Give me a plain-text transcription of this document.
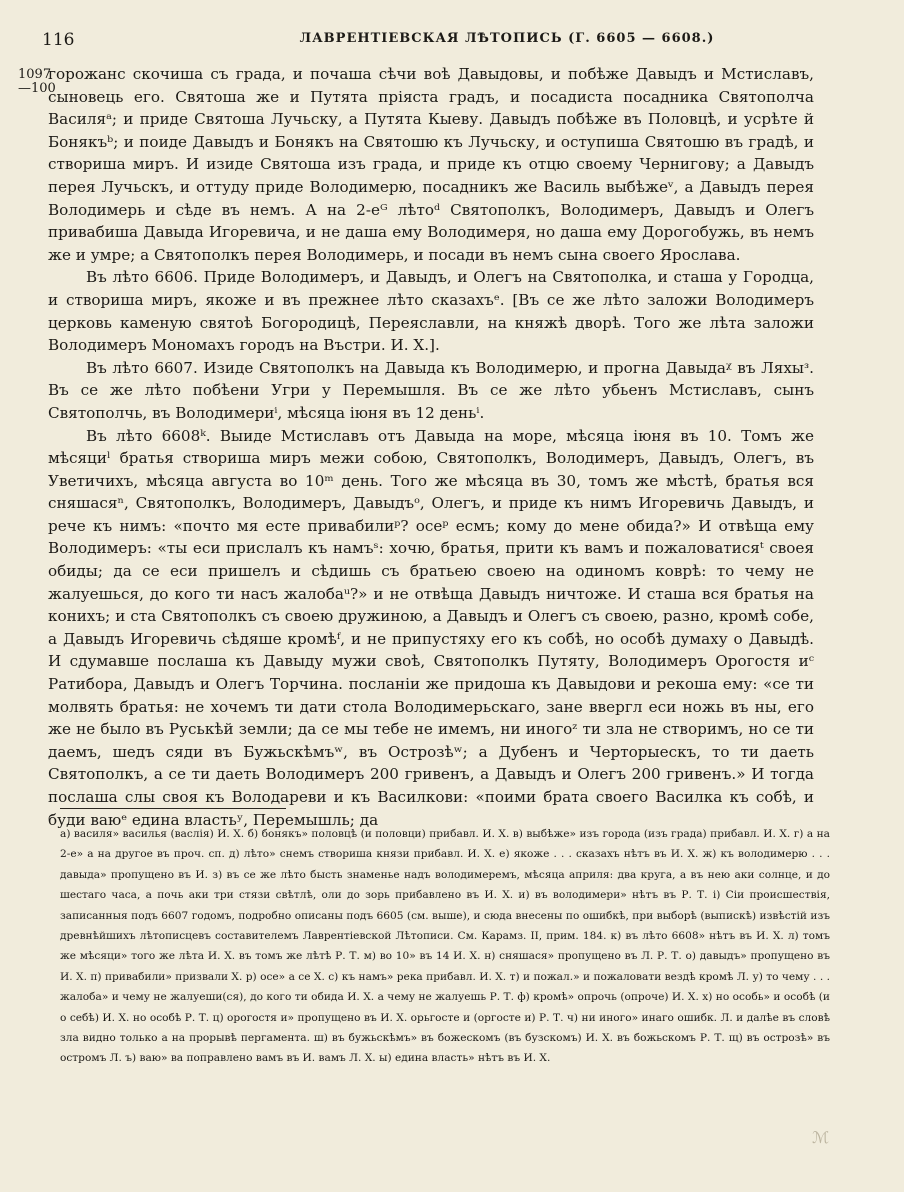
116	ЛАВРЕНТІЕВСКАЯ ЛѢТОПИСЬ (Г. 6605 — 6608.)
1097
—100

горожанс скочиша съ града, и почаша сѣчи воѣ Давыдовы, и побѣже Давыдъ и Мстиславъ, сыновець его. Святоша же и Путята пріяста градъ, и посадиста посадника Святополча Василяᵃ; и приде Святоша Лучьску, а Путята Кыеву. Давыдъ побѣже въ Половцѣ, и усрѣте й Бонякъᵇ; и поиде Давыдъ и Бонякъ на Святошю къ Лучьску, и оступиша Святошю въ градѣ, и створиша миръ. И изиде Святоша изъ града, и приде къ отцю своему Чернигову; а Давыдъ перея Лучьскъ, и оттуду приде Володимерю, посадникъ же Василь выбѣжеᵛ, а Давыдъ перея Володимерь и сѣде въ немъ. А на 2-еᴳ лѣтоᵈ Святополкъ, Володимеръ, Давыдъ и Олегъ привабиша Давыда Игоревича, и не даша ему Володимеря, но даша ему Дорогобужь, въ немъ же и умре; а Святополкъ перея Володимерь, и посади въ немъ сына своего Ярослава.

Въ лѣто 6606. Приде Володимеръ, и Давыдъ, и Олегъ на Святополка, и сташа у Городца, и створиша миръ, якоже и въ прежнее лѣто сказахъᵉ. [Въ се же лѣто заложи Володимеръ церковь каменую святоѣ Богородицѣ, Переяславли, на княжѣ дворѣ. Того же лѣта заложи Володимеръ Мономахъ городъ на Въстри. И. Х.].

Въ лѣто 6607. Изиде Святополкъ на Давыда къ Володимерю, и прогна Давыдаᵡ въ Ляхыᵌ. Въ се же лѣто побѣени Угри у Перемышля. Въ се же лѣто убьенъ Мстиславъ, сынъ Святополчь, въ Володимериⁱ, мѣсяца іюня въ 12 деньⁱ.

Въ лѣто 6608ᵏ. Выиде Мстиславъ отъ Давыда на море, мѣсяца іюня въ 10. Томъ же мѣсяциˡ братья створиша миръ межи собою, Святополкъ, Володимеръ, Давыдъ, Олегъ, въ Уветичихъ, мѣсяца августа во 10ᵐ день. Того же мѣсяца въ 30, томъ же мѣстѣ, братья вся сняшасяⁿ, Святополкъ, Володимеръ, Давыдъᵒ, Олегъ, и приде къ нимъ Игоревичь Давыдъ, и рече къ нимъ: «почто мя есте привабилиᵖ? осеᵖ есмъ; кому до мене обида?» И отвѣща ему Володимеръ: «ты еси прислалъ къ намъˢ: хочю, братья, прити къ вамъ и пожаловатисяᵗ своея обиды; да се еси пришелъ и сѣдишь съ братьею своею на одиномъ коврѣ: то чему не жалуешься, до кого ти насъ жалобаᵘ?» и не отвѣща Давыдъ ничтоже. И сташа вся братья на конихъ; и ста Святополкъ съ своею дружиною, а Давыдъ и Олегъ съ своею, разно, кромѣ собе, а Давыдъ Игоревичь сѣдяше кромѣᶠ, и не припустяху его къ собѣ, но особѣ думаху о Давыдѣ. И сдумавше послаша къ Давыду мужи своѣ, Святополкъ Путяту, Володимеръ Орогостя иᶜ Ратибора, Давыдъ и Олегъ Торчина. посланіи же придоша къ Давыдови и рекоша ему: «се ти молвять братья: не хочемъ ти дати стола Володимерьскаго, зане ввергл еси ножь въ ны, его же не было въ Руськѣй земли; да се мы тебе не имемъ, ни иногоᶻ ти зла не створимъ, но се ти даемъ, шедъ сяди въ Бужьскѣмъʷ, въ Острозѣʷ; а Дубенъ и Черторыескъ, то ти даеть Святополкъ, а се ти даеть Володимеръ 200 гривенъ, а Давыдъ и Олегъ 200 гривенъ.» И тогда послаша слы своя къ Володареви и къ Василкови: «поими брата своего Василка къ собѣ, и буди ваюᵉ едина властьʸ, Перемышль; да

а) василя» василья (васлія) И. Х. б) бонякъ» половцѣ (и половци) прибавл. И. Х. в) выбѣже» изъ города (изъ града) прибавл. И. Х. г) а на 2-е» а на другое въ проч. сп. д) лѣто» снемъ створиша князи прибавл. И. Х. е) якоже . . . сказахъ нѣтъ въ И. Х. ж) къ володимерю . . . давыда» пропущено въ И. з) въ се же лѣто бысть знаменье надъ володимеремъ, мѣсяца априля: два круга, а въ нею аки солнце, и до шестаго часа, а почь аки три стязи свѣтлѣ, оли до зорь прибавлено въ И. Х. и) въ володимери» нѣтъ въ Р. Т. і) Сіи происшествія, записанныя подъ 6607 годомъ, подробно описаны подъ 6605 (см. выше), и сюда внесены по ошибкѣ, при выборѣ (выпискѣ) извѣстій изъ древнѣйшихъ лѣтописцевъ составителемъ Лаврентіевской Лѣтописи. См. Карамз. II, прим. 184. к) въ лѣто 6608» нѣтъ въ И. Х. л) томъ же мѣсяци» того же лѣта И. Х. въ томъ же лѣтѣ Р. Т. м) во 10» въ 14 И. Х. н) сняшася» пропущено въ Л. Р. Т. о) давыдъ» пропущено въ И. Х. п) привабили» призвали Х. р) осе» а се Х. с) къ намъ» река прибавл. И. Х. т) и пожал.» и пожаловати вездѣ кромѣ Л. у) то чему . . . жалоба» и чему не жалуеши(ся), до кого ти обида И. Х. а чему не жалуешь Р. Т. ф) кромѣ» опрочь (опроче) И. Х. х) но особь» и особѣ (и о себѣ) И. Х. но особѣ Р. Т. ц) орогостя и» пропущено въ И. Х. орьгосте и (оргосте и) Р. Т. ч) ни иного» инаго ошибк. Л. и далѣе въ словѣ зла видно только а на прорывѣ пергамента. ш) въ бужьскѣмъ» въ божескомъ (въ бузскомъ) И. Х. въ божьскомъ Р. Т. щ) въ острозѣ» въ остромъ Л. ъ) ваю» ва поправлено вамъ въ И. вамъ Л. Х. ы) едина власть» нѣтъ въ И. Х.

ℳ
